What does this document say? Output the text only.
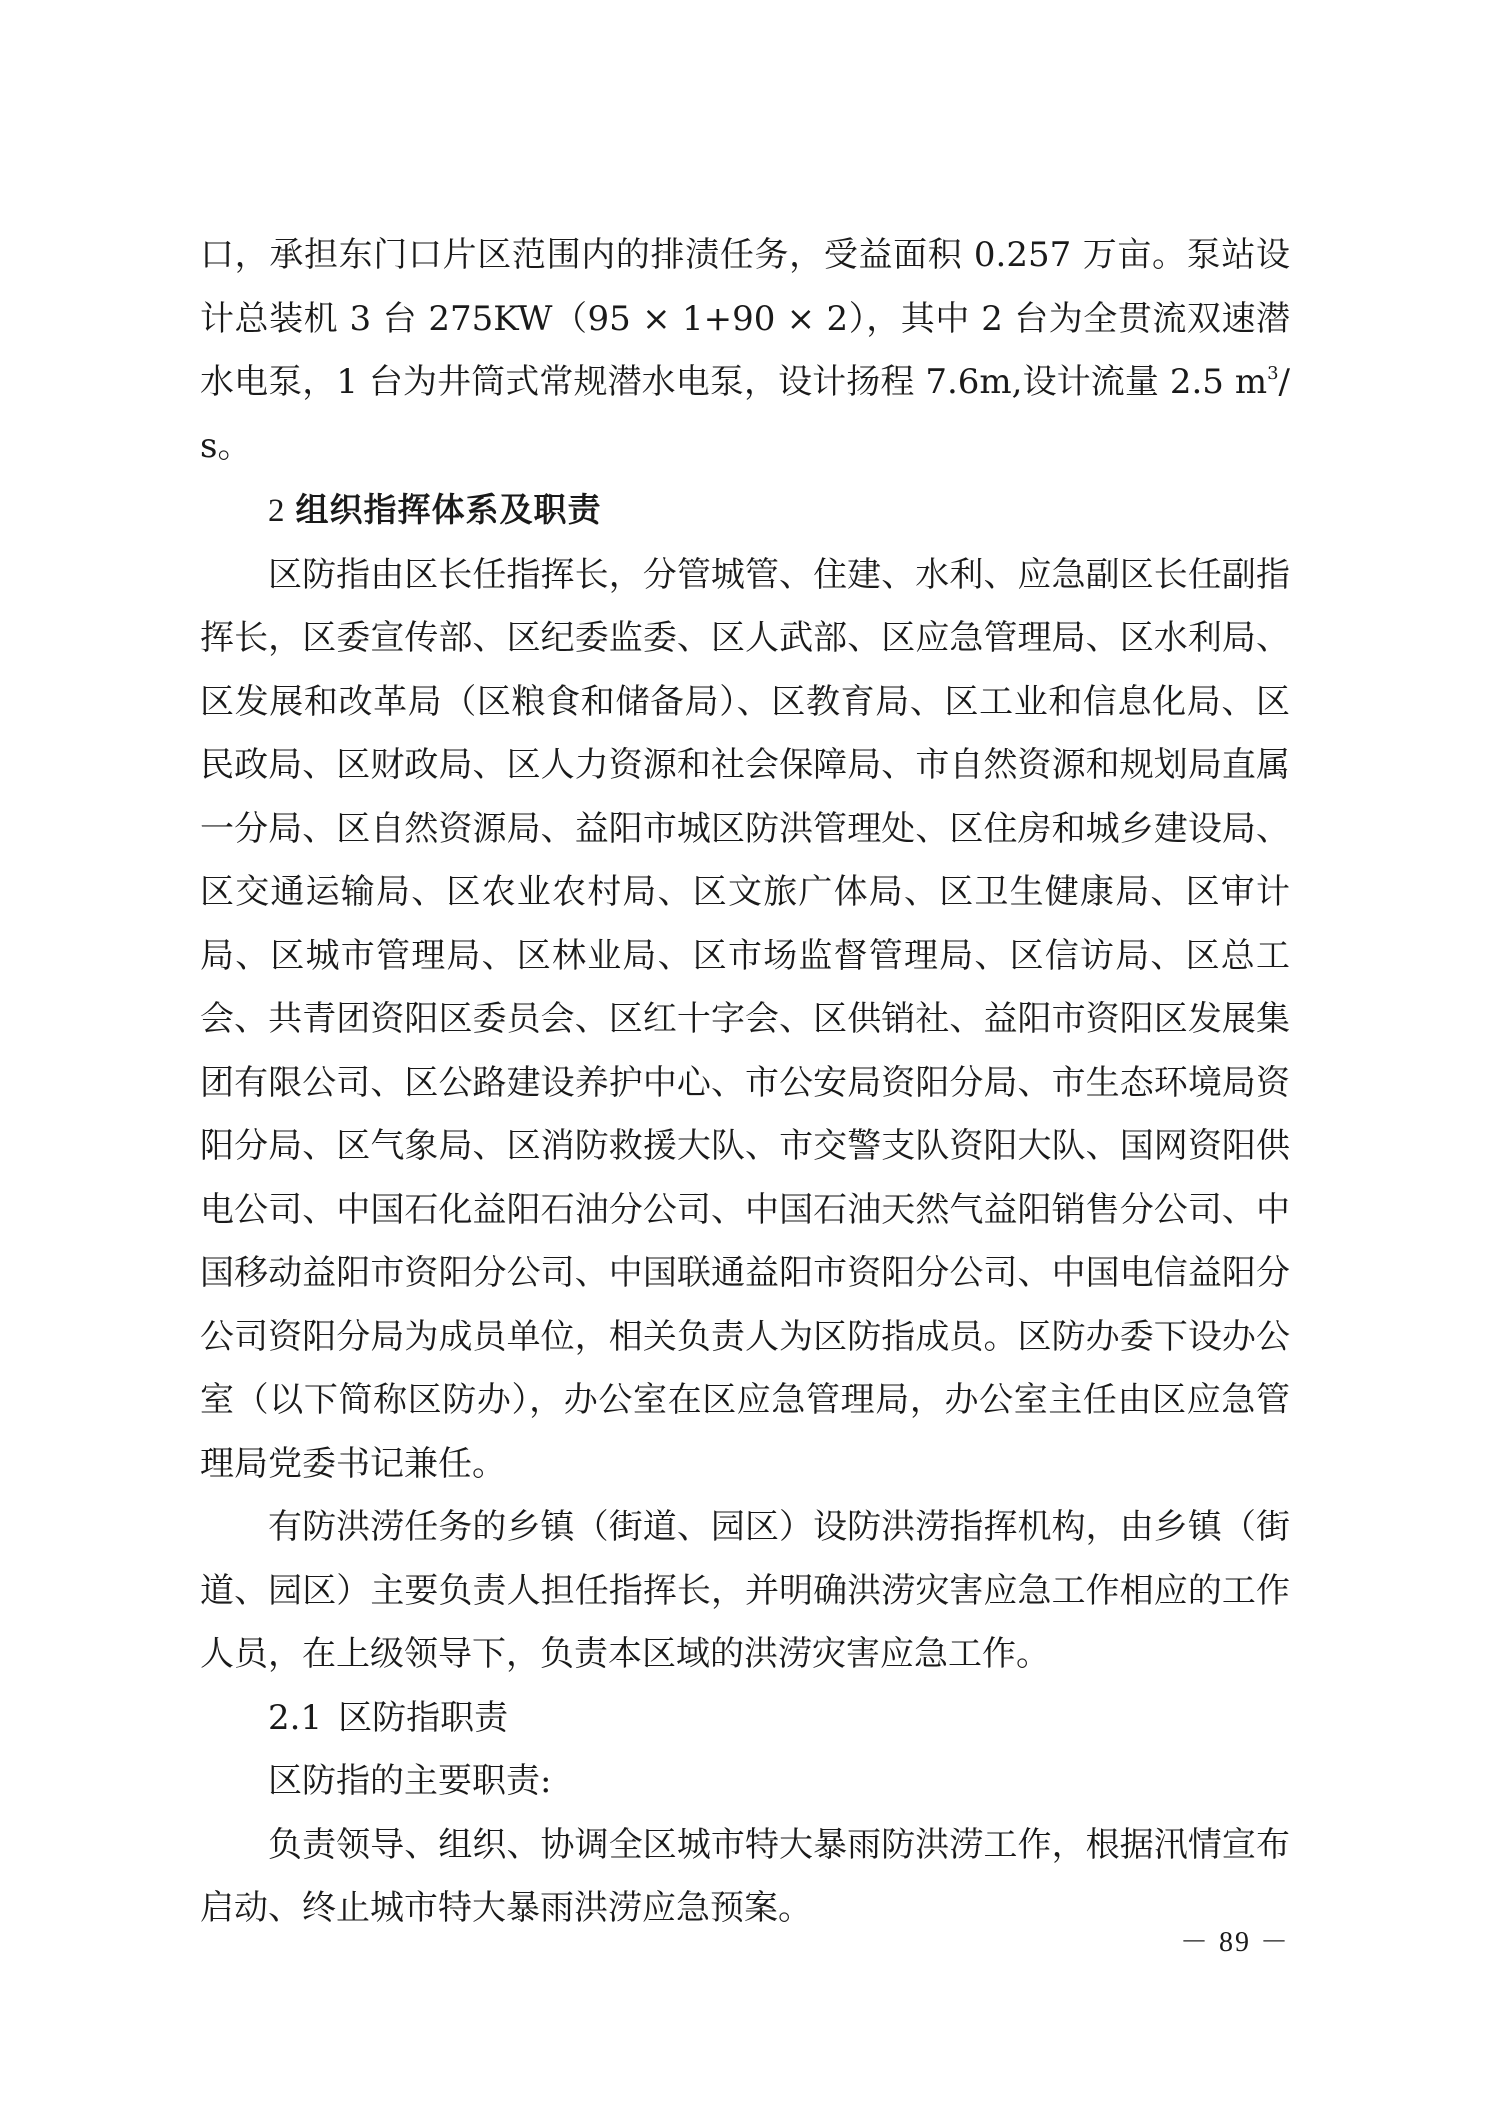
口，承担东门口片区范围内的排渍任务，受益面积 0.257 万亩。泵站设计总装机 3 台 275KW（95 × 1+90 × 2），其中 2 台为全贯流双速潜水电泵，1 台为井筒式常规潜水电泵，设计扬程 7.6m,设计流量 2.5 $m^3/s$。

2 组织指挥体系及职责

区防指由区长任指挥长，分管城管、住建、水利、应急副区长任副指挥长，区委宣传部、区纪委监委、区人武部、区应急管理局、区水利局、区发展和改革局（区粮食和储备局）、区教育局、区工业和信息化局、区民政局、区财政局、区人力资源和社会保障局、市自然资源和规划局直属一分局、区自然资源局、益阳市城区防洪管理处、区住房和城乡建设局、区交通运输局、区农业农村局、区文旅广体局、区卫生健康局、区审计局、区城市管理局、区林业局、区市场监督管理局、区信访局、区总工会、共青团资阳区委员会、区红十字会、区供销社、益阳市资阳区发展集团有限公司、区公路建设养护中心、市公安局资阳分局、市生态环境局资阳分局、区气象局、区消防救援大队、市交警支队资阳大队、国网资阳供电公司、中国石化益阳石油分公司、中国石油天然气益阳销售分公司、中国移动益阳市资阳分公司、中国联通益阳市资阳分公司、中国电信益阳分公司资阳分局为成员单位，相关负责人为区防指成员。区防办委下设办公室（以下简称区防办），办公室在区应急管理局，办公室主任由区应急管理局党委书记兼任。

有防洪涝任务的乡镇（街道、园区）设防洪涝指挥机构，由乡镇（街道、园区）主要负责人担任指挥长，并明确洪涝灾害应急工作相应的工作人员，在上级领导下，负责本区域的洪涝灾害应急工作。

2.1 区防指职责

区防指的主要职责:

负责领导、组织、协调全区城市特大暴雨防洪涝工作，根据汛情宣布启动、终止城市特大暴雨洪涝应急预案。

－ 89 －
